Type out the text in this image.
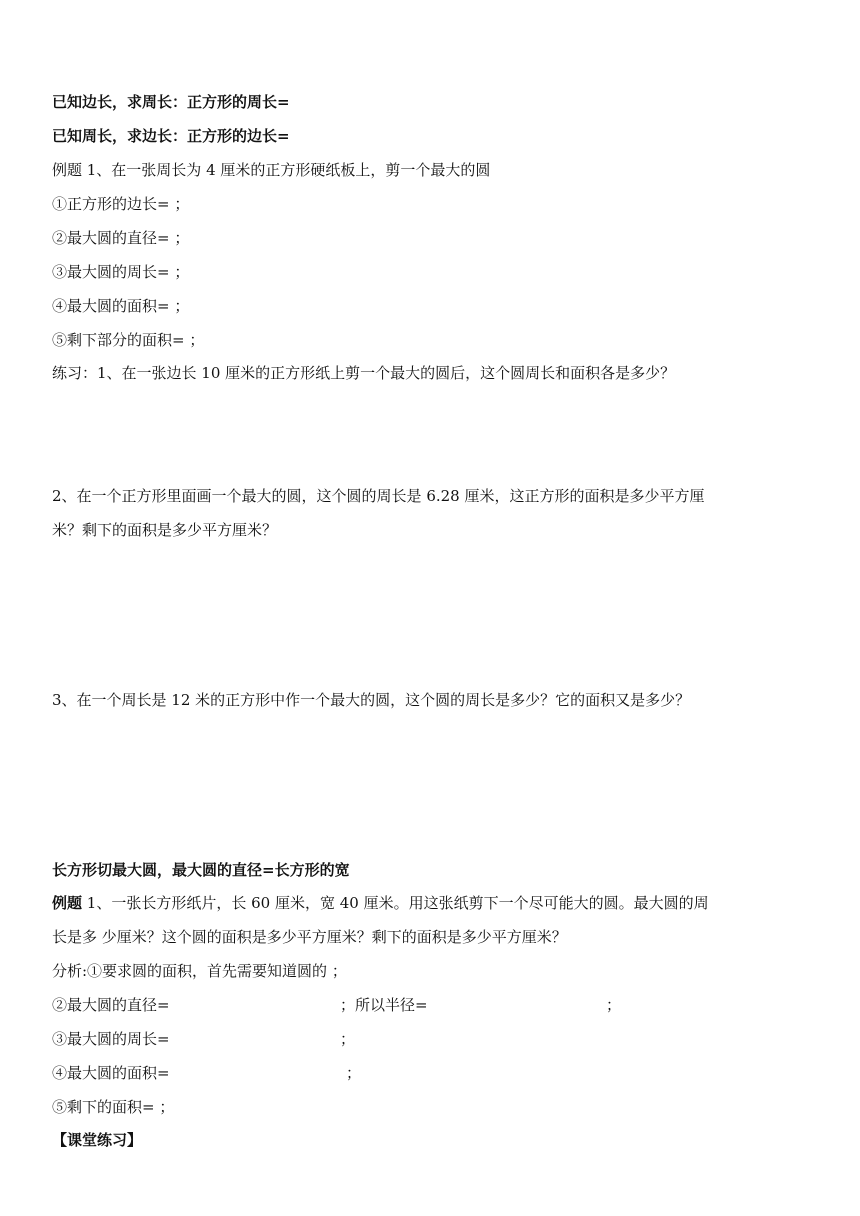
已知边长，求周长：正方形的周长=
已知周长，求边长：正方形的边长=
例题 1、在一张周长为 4 厘米的正方形硬纸板上，剪一个最大的圆
①正方形的边长= ；
②最大圆的直径= ；
③最大圆的周长= ；
④最大圆的面积= ；
⑤剩下部分的面积= ；
练习：1、在一张边长 10 厘米的正方形纸上剪一个最大的圆后，这个圆周长和面积各是多少？
2、在一个正方形里面画一个最大的圆，这个圆的周长是 6.28 厘米，这正方形的面积是多少平方厘
米？剩下的面积是多少平方厘米？
3、在一个周长是 12 米的正方形中作一个最大的圆，这个圆的周长是多少？它的面积又是多少？
长方形切最大圆，最大圆的直径=长方形的宽
例题 1、一张长方形纸片，长 60 厘米，宽 40 厘米。用这张纸剪下一个尽可能大的圆。最大圆的周
长是多 少厘米？这个圆的面积是多少平方厘米？剩下的面积是多少平方厘米？
分析:①要求圆的面积，首先需要知道圆的 ；
②最大圆的直径=	；所以半径=	；
③最大圆的周长=	；
④最大圆的面积=	；
⑤剩下的面积= ；
【课堂练习】
